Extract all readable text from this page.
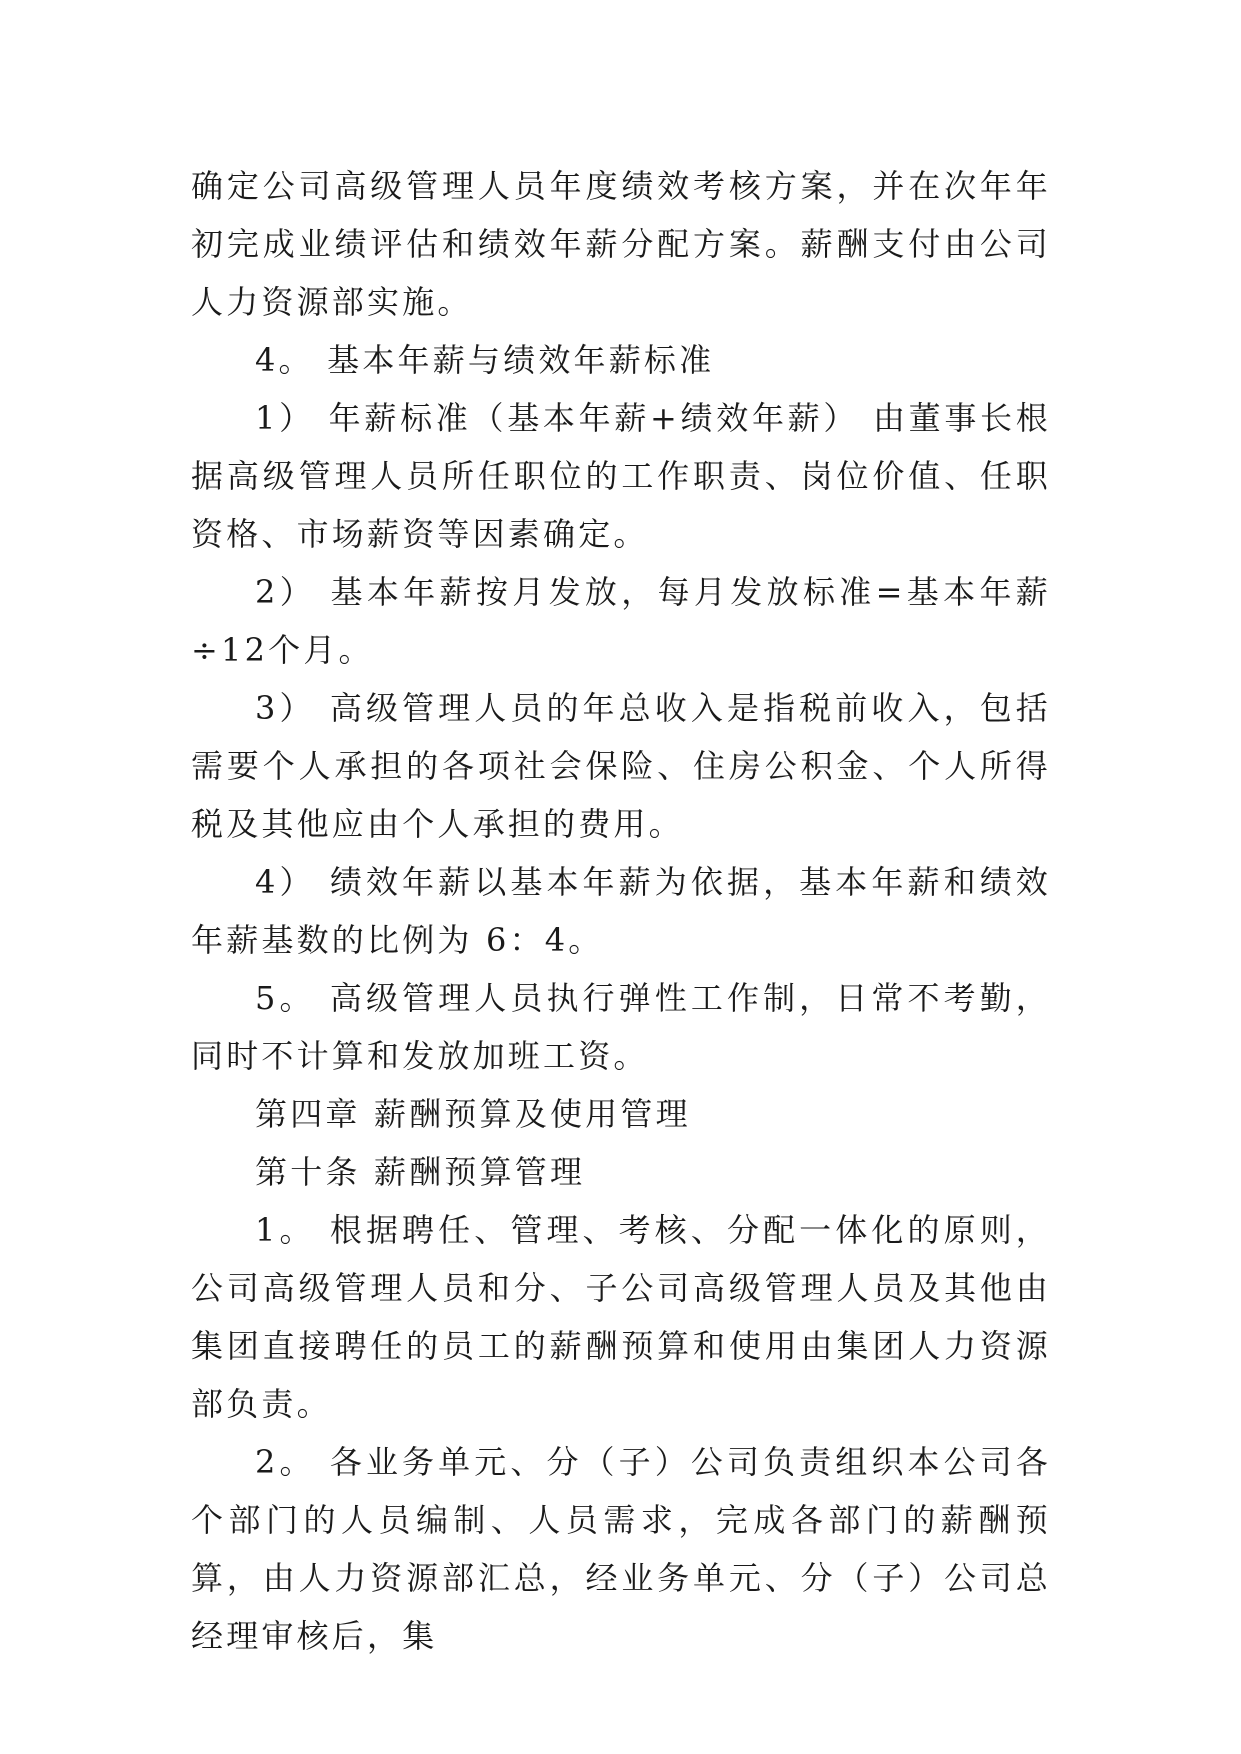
确定公司高级管理人员年度绩效考核方案，并在次年年初完成业绩评估和绩效年薪分配方案。薪酬支付由公司人力资源部实施。

4。 基本年薪与绩效年薪标准

1） 年薪标准（基本年薪+绩效年薪） 由董事长根据高级管理人员所任职位的工作职责、岗位价值、任职资格、市场薪资等因素确定。

2） 基本年薪按月发放，每月发放标准=基本年薪÷12个月。

3） 高级管理人员的年总收入是指税前收入，包括需要个人承担的各项社会保险、住房公积金、个人所得税及其他应由个人承担的费用。

4） 绩效年薪以基本年薪为依据，基本年薪和绩效年薪基数的比例为 6：4。

5。 高级管理人员执行弹性工作制，日常不考勤，同时不计算和发放加班工资。

第四章 薪酬预算及使用管理

第十条 薪酬预算管理

1。 根据聘任、管理、考核、分配一体化的原则，公司高级管理人员和分、子公司高级管理人员及其他由集团直接聘任的员工的薪酬预算和使用由集团人力资源部负责。

2。 各业务单元、分（子）公司负责组织本公司各个部门的人员编制、人员需求，完成各部门的薪酬预算，由人力资源部汇总，经业务单元、分（子）公司总经理审核后，集
